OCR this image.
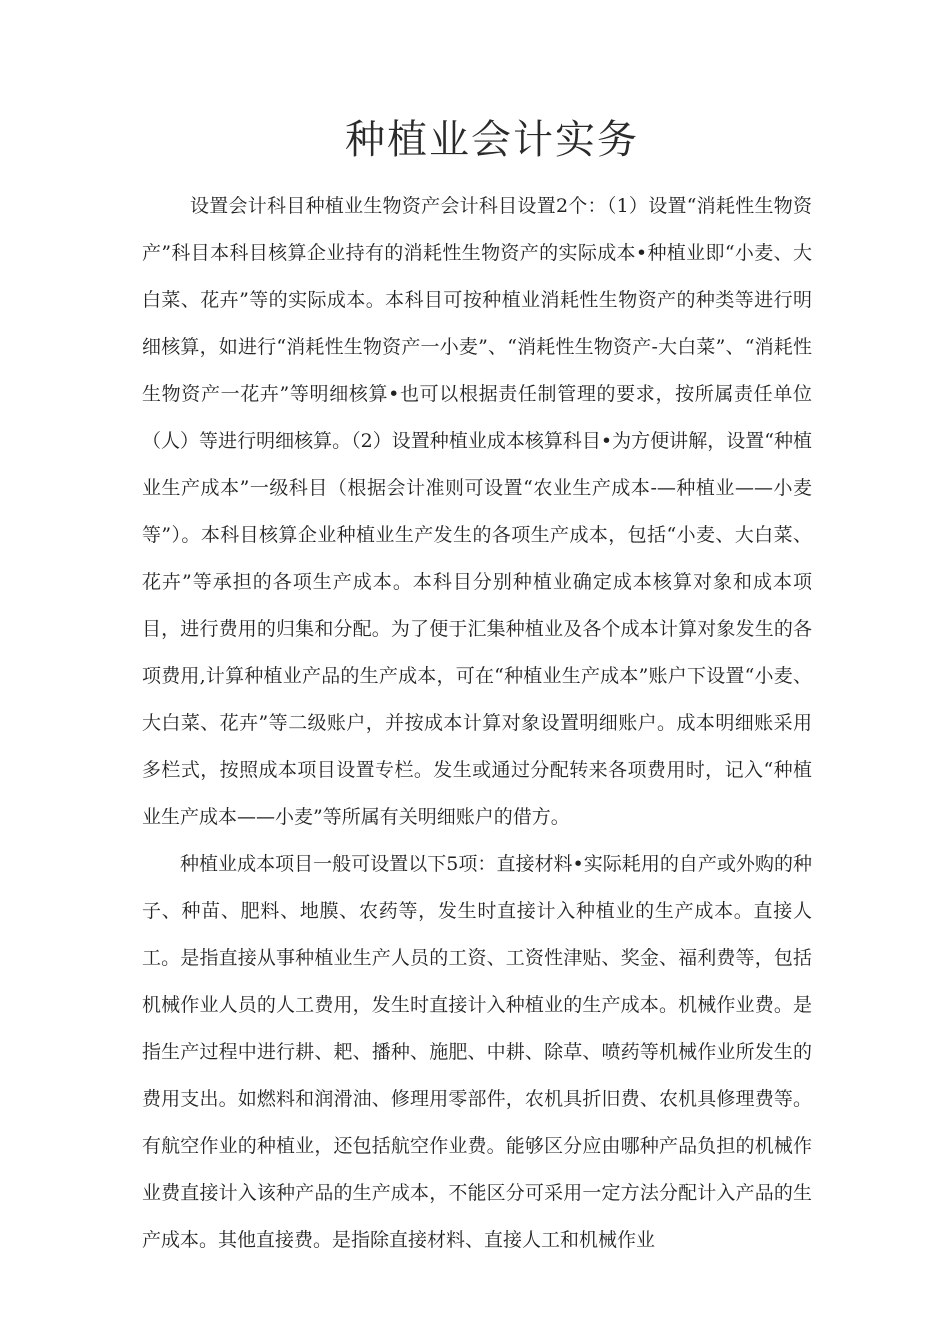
种植业会计实务

设置会计科目种植业生物资产会计科目设置2个：（1）设置“消耗性生物资产”科目本科目核算企业持有的消耗性生物资产的实际成本•种植业即“小麦、大白菜、花卉”等的实际成本。本科目可按种植业消耗性生物资产的种类等进行明细核算，如进行“消耗性生物资产一小麦”、“消耗性生物资产-大白菜”、“消耗性生物资产一花卉”等明细核算•也可以根据责任制管理的要求，按所属责任单位（人）等进行明细核算。（2）设置种植业成本核算科目•为方便讲解，设置“种植业生产成本”一级科目（根据会计准则可设置“农业生产成本-—种植业——小麦等”）。本科目核算企业种植业生产发生的各项生产成本，包括“小麦、大白菜、花卉”等承担的各项生产成本。本科目分别种植业确定成本核算对象和成本项目，进行费用的归集和分配。为了便于汇集种植业及各个成本计算对象发生的各项费用,计算种植业产品的生产成本，可在“种植业生产成本”账户下设置“小麦、大白菜、花卉”等二级账户，并按成本计算对象设置明细账户。成本明细账采用多栏式，按照成本项目设置专栏。发生或通过分配转来各项费用时，记入“种植业生产成本——小麦”等所属有关明细账户的借方。

种植业成本项目一般可设置以下5项：直接材料•实际耗用的自产或外购的种子、种苗、肥料、地膜、农药等，发生时直接计入种植业的生产成本。直接人工。是指直接从事种植业生产人员的工资、工资性津贴、奖金、福利费等，包括机械作业人员的人工费用，发生时直接计入种植业的生产成本。机械作业费。是指生产过程中进行耕、耙、播种、施肥、中耕、除草、喷药等机械作业所发生的费用支出。如燃料和润滑油、修理用零部件，农机具折旧费、农机具修理费等。有航空作业的种植业，还包括航空作业费。能够区分应由哪种产品负担的机械作业费直接计入该种产品的生产成本，不能区分可采用一定方法分配计入产品的生产成本。其他直接费。是指除直接材料、直接人工和机械作业
